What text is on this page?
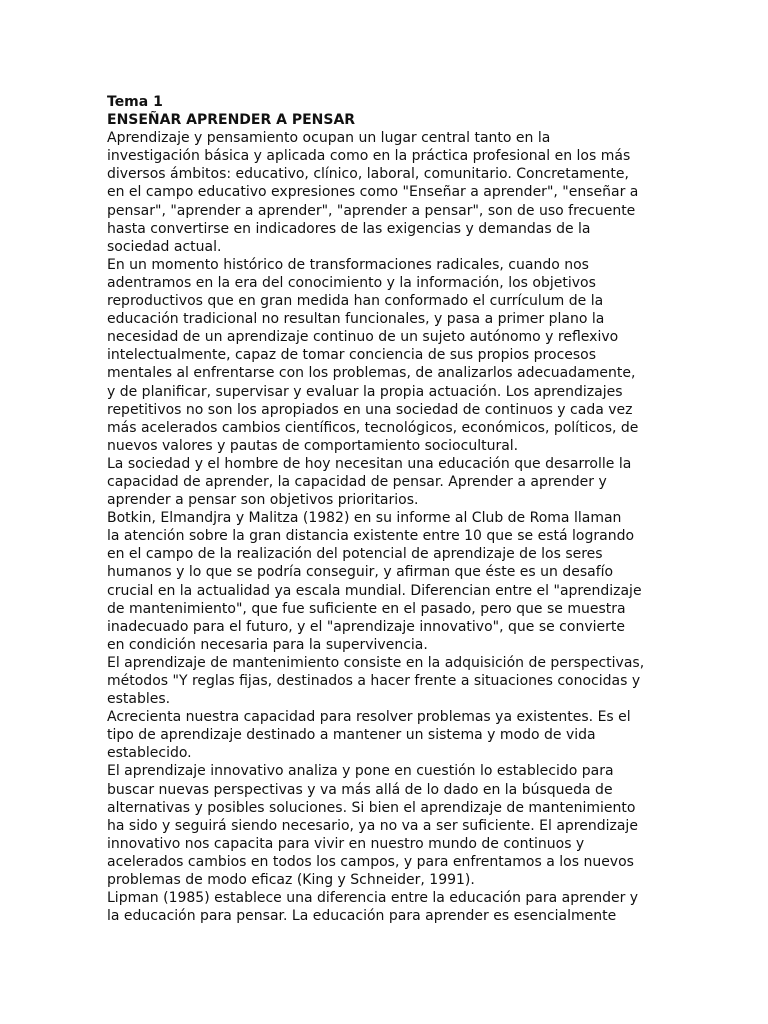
Tema 1
ENSEÑAR APRENDER A PENSAR
Aprendizaje y pensamiento ocupan un lugar central tanto en la
investigación básica y aplicada como en la práctica profesional en los más
diversos ámbitos: educativo, clínico, laboral, comunitario. Concretamente,
en el campo educativo expresiones como "Enseñar a aprender", "enseñar a
pensar", "aprender a aprender", "aprender a pensar", son de uso frecuente
hasta convertirse en indicadores de las exigencias y demandas de la
sociedad actual.
En un momento histórico de transformaciones radicales, cuando nos
adentramos en la era del conocimiento y la información, los objetivos
reproductivos que en gran medida han conformado el currículum de la
educación tradicional no resultan funcionales, y pasa a primer plano la
necesidad de un aprendizaje continuo de un sujeto autónomo y reflexivo
intelectualmente, capaz de tomar conciencia de sus propios procesos
mentales al enfrentarse con los problemas, de analizarlos adecuadamente,
y de planificar, supervisar y evaluar la propia actuación. Los aprendizajes
repetitivos no son los apropiados en una sociedad de continuos y cada vez
más acelerados cambios científicos, tecnológicos, económicos, políticos, de
nuevos valores y pautas de comportamiento sociocultural.
La sociedad y el hombre de hoy necesitan una educación que desarrolle la
capacidad de aprender, la capacidad de pensar. Aprender a aprender y
aprender a pensar son objetivos prioritarios.
Botkin, Elmandjra y Malitza (1982) en su informe al Club de Roma llaman
la atención sobre la gran distancia existente entre 10 que se está logrando
en el campo de la realización del potencial de aprendizaje de los seres
humanos y lo que se podría conseguir, y afirman que éste es un desafío
crucial en la actualidad ya escala mundial. Diferencian entre el "aprendizaje
de mantenimiento", que fue suficiente en el pasado, pero que se muestra
inadecuado para el futuro, y el "aprendizaje innovativo", que se convierte
en condición necesaria para la supervivencia.
El aprendizaje de mantenimiento consiste en la adquisición de perspectivas,
métodos "Y reglas fijas, destinados a hacer frente a situaciones conocidas y
estables.
Acrecienta nuestra capacidad para resolver problemas ya existentes. Es el
tipo de aprendizaje destinado a mantener un sistema y modo de vida
establecido.
El aprendizaje innovativo analiza y pone en cuestión lo establecido para
buscar nuevas perspectivas y va más allá de lo dado en la búsqueda de
alternativas y posibles soluciones. Si bien el aprendizaje de mantenimiento
ha sido y seguirá siendo necesario, ya no va a ser suficiente. El aprendizaje
innovativo nos capacita para vivir en nuestro mundo de continuos y
acelerados cambios en todos los campos, y para enfrentamos a los nuevos
problemas de modo eficaz (King y Schneider, 1991).
Lipman (1985) establece una diferencia entre la educación para aprender y
la educación para pensar. La educación para aprender es esencialmente
